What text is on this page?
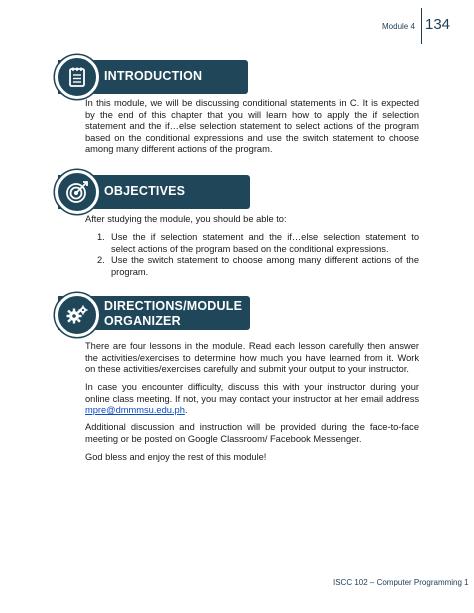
Module 4 134
INTRODUCTION
In this module, we will be discussing conditional statements in C. It is expected by the end of this chapter that you will learn how to apply the if selection statement and the if…else selection statement to select actions of the program based on the conditional expressions and use the switch statement to choose among many different actions of the program.
OBJECTIVES
After studying the module, you should be able to:
1. Use the if selection statement and the if…else selection statement to select actions of the program based on the conditional expressions.
2. Use the switch statement to choose among many different actions of the program.
DIRECTIONS/MODULE
ORGANIZER
There are four lessons in the module. Read each lesson carefully then answer the activities/exercises to determine how much you have learned from it. Work on these activities/exercises carefully and submit your output to your instructor.
In case you encounter difficulty, discuss this with your instructor during your online class meeting. If not, you may contact your instructor at her email address mpre@dmmmsu.edu.ph.
Additional discussion and instruction will be provided during the face-to-face meeting or be posted on Google Classroom/ Facebook Messenger.
God bless and enjoy the rest of this module!
ISCC 102 – Computer Programming 1
